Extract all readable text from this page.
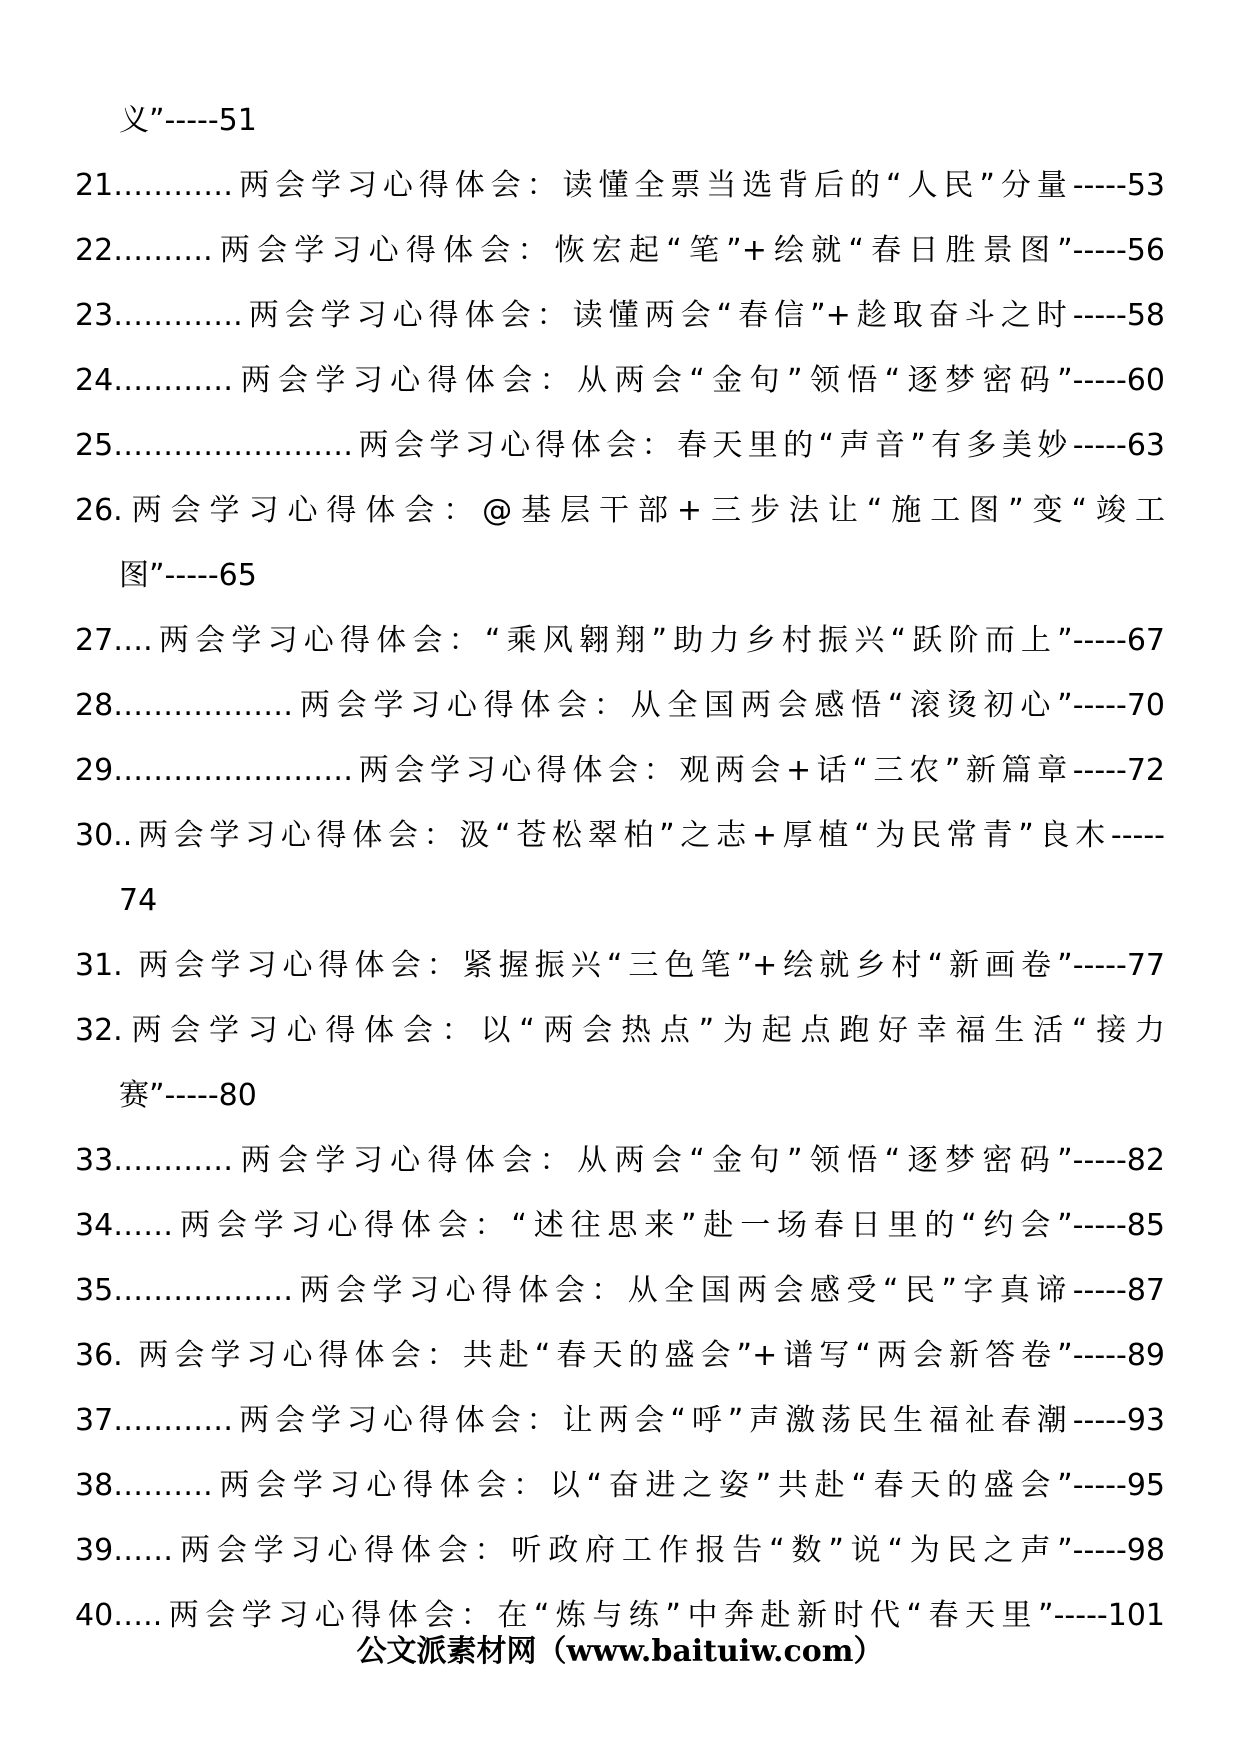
义”-----51
21…………两会学习心得体会：读懂全票当选背后的“人民”分量-----53
22……….两会学习心得体会：恢宏起“笔”+绘就“春日胜景图”-----56
23………….两会学习心得体会：读懂两会“春信”+趁取奋斗之时-----58
24…………两会学习心得体会：从两会“金句”领悟“逐梦密码”-----60
25……………………两会学习心得体会：春天里的“声音”有多美妙-----63
26.两会学习心得体会：@基层干部+三步法让“施工图”变“竣工
图”-----65
27….两会学习心得体会：“乘风翱翔”助力乡村振兴“跃阶而上”-----67
28………………两会学习心得体会：从全国两会感悟“滚烫初心”-----70
29……………………两会学习心得体会：观两会+话“三农”新篇章-----72
30..两会学习心得体会：汲“苍松翠柏”之志+厚植“为民常青”良木-----
74
31. 两会学习心得体会：紧握振兴“三色笔”+绘就乡村“新画卷”-----77
32.两会学习心得体会：以“两会热点”为起点跑好幸福生活“接力
赛”-----80
33…………两会学习心得体会：从两会“金句”领悟“逐梦密码”-----82
34……两会学习心得体会：“述往思来”赴一场春日里的“约会”-----85
35………………两会学习心得体会：从全国两会感受“民”字真谛-----87
36. 两会学习心得体会：共赴“春天的盛会”+谱写“两会新答卷”-----89
37…………两会学习心得体会：让两会“呼”声激荡民生福祉春潮-----93
38……….两会学习心得体会：以“奋进之姿”共赴“春天的盛会”-----95
39……两会学习心得体会：听政府工作报告“数”说“为民之声”-----98
40…..两会学习心得体会：在“炼与练”中奔赴新时代“春天里”-----101
公文派素材网（www.baituiw.com）
